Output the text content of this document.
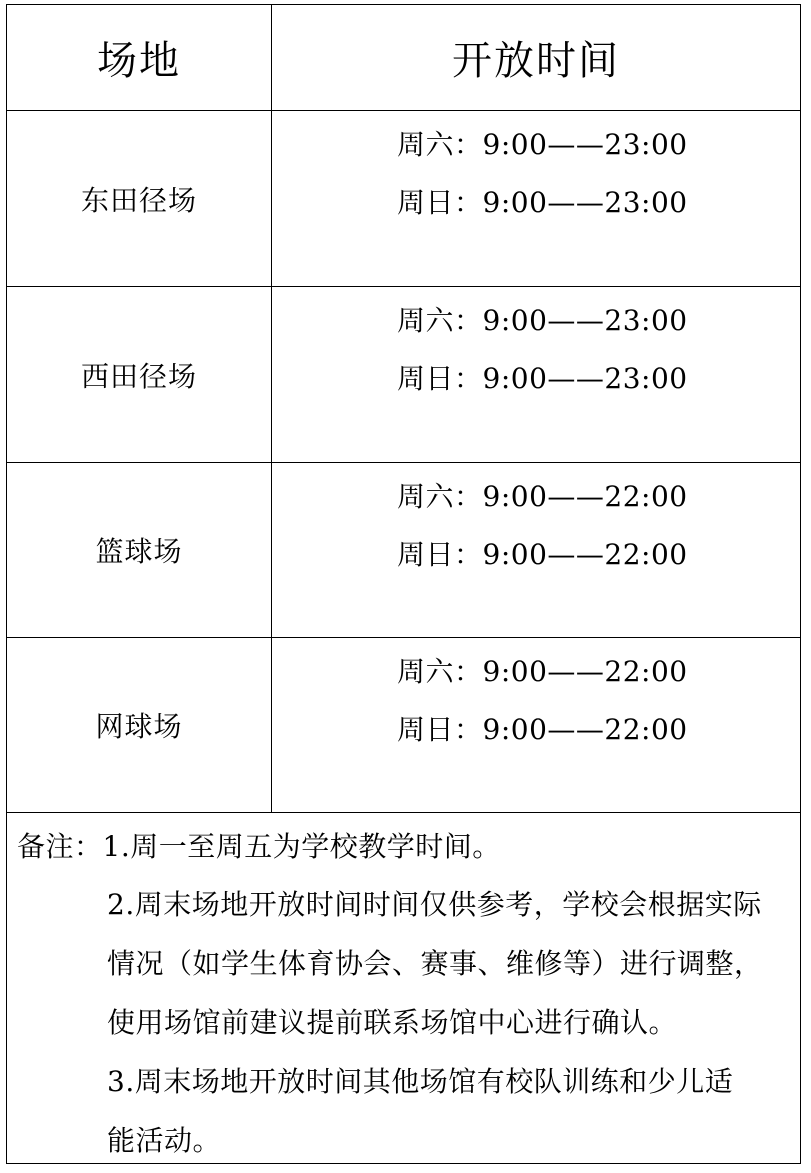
场地	开放时间
东田径场
周六：9:00——23:00
周日：9:00——23:00
西田径场
周六：9:00——23:00
周日：9:00——23:00
篮球场
周六：9:00——22:00
周日：9:00——22:00
网球场
周六：9:00——22:00
周日：9:00——22:00
备注：1.周一至周五为学校教学时间。
2.周末场地开放时间时间仅供参考，学校会根据实际
情况（如学生体育协会、赛事、维修等）进行调整，
使用场馆前建议提前联系场馆中心进行确认。
3.周末场地开放时间其他场馆有校队训练和少儿适
能活动。
